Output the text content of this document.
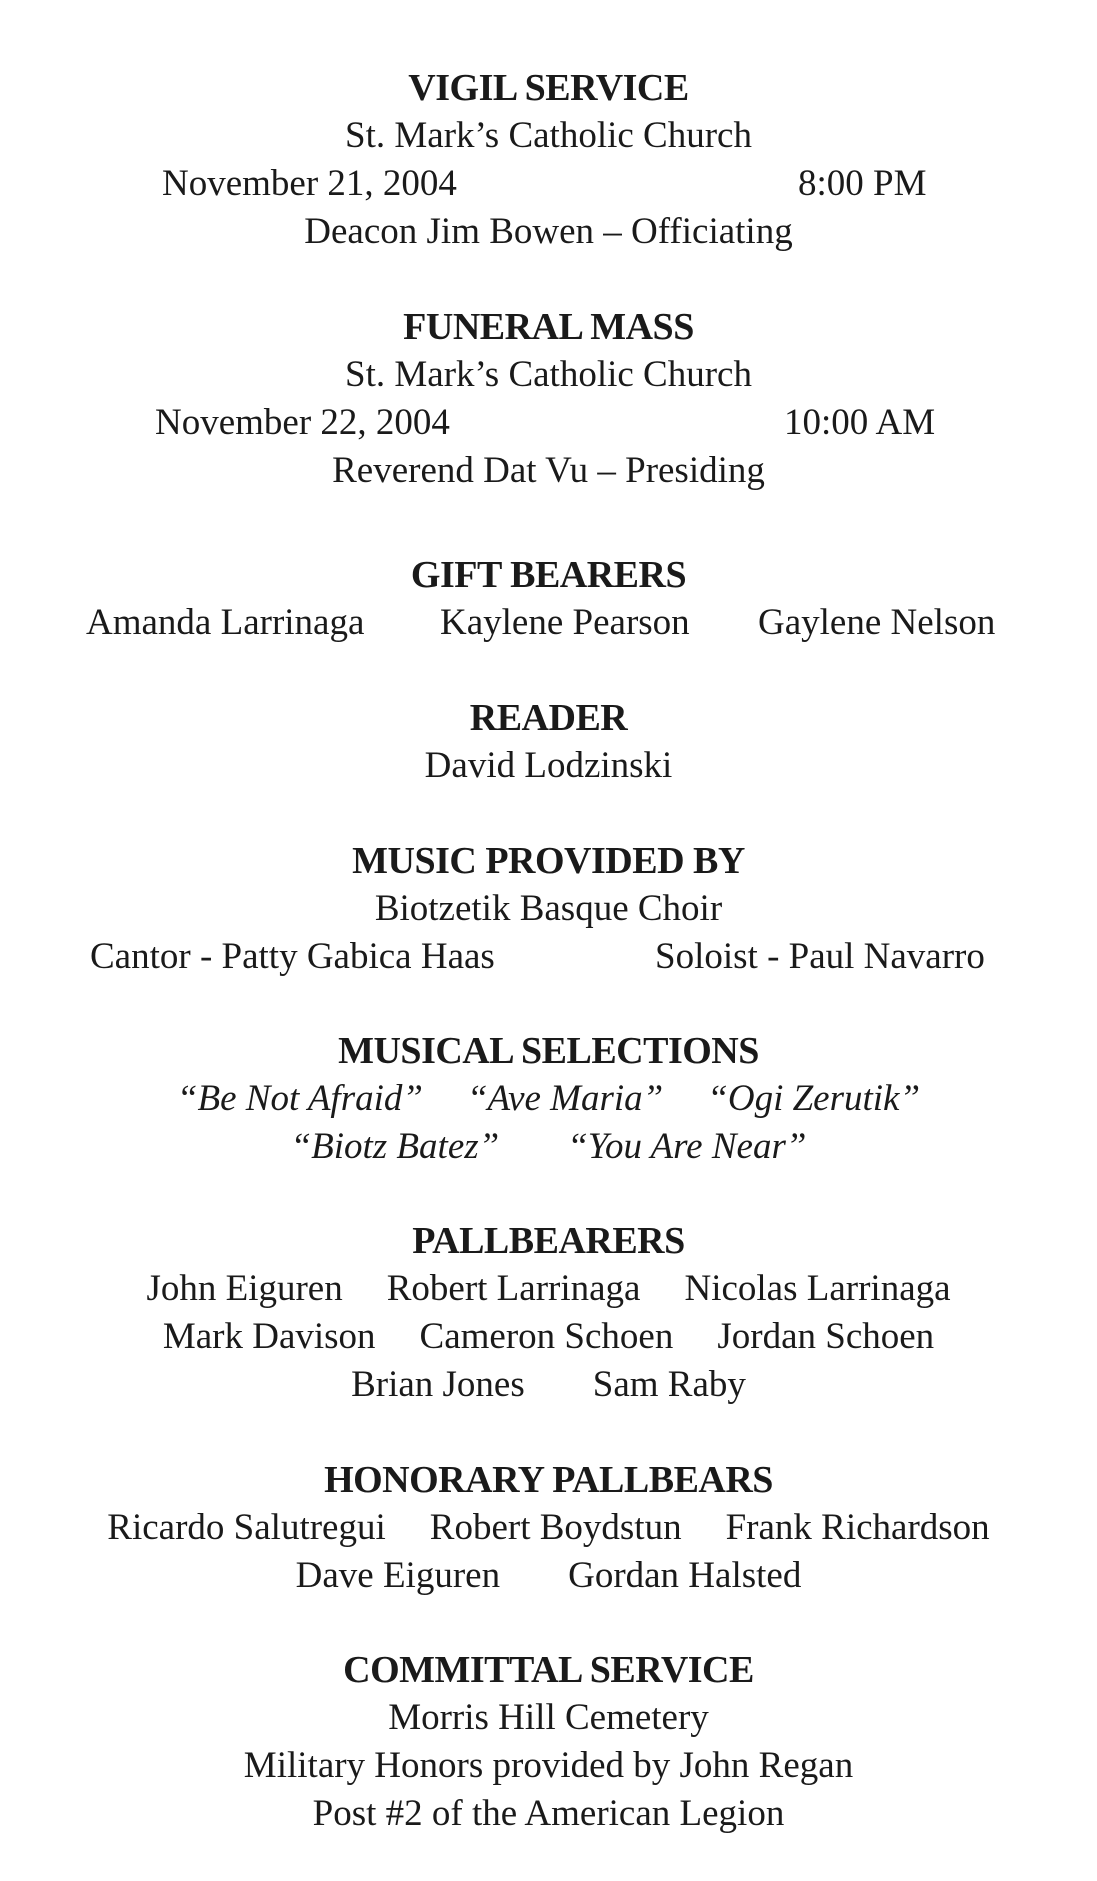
VIGIL SERVICE
St. Mark’s Catholic Church
November 21, 2004	8:00 PM
Deacon Jim Bowen – Officiating
FUNERAL MASS
St. Mark’s Catholic Church
November 22, 2004	10:00 AM
Reverend Dat Vu – Presiding
GIFT BEARERS
Amanda Larrinaga Kaylene Pearson Gaylene Nelson
READER
David Lodzinski
MUSIC PROVIDED BY
Biotzetik Basque Choir
Cantor - Patty Gabica Haas	Soloist - Paul Navarro
MUSICAL SELECTIONS
“Be Not Afraid” “Ave Maria” “Ogi Zerutik”
“Biotz Batez” “You Are Near”
PALLBEARERS
John Eiguren Robert Larrinaga Nicolas Larrinaga
Mark Davison Cameron Schoen Jordan Schoen
Brian Jones Sam Raby
HONORARY PALLBEARS
Ricardo Salutregui Robert Boydstun Frank Richardson
Dave Eiguren Gordan Halsted
COMMITTAL SERVICE
Morris Hill Cemetery
Military Honors provided by John Regan
Post #2 of the American Legion
